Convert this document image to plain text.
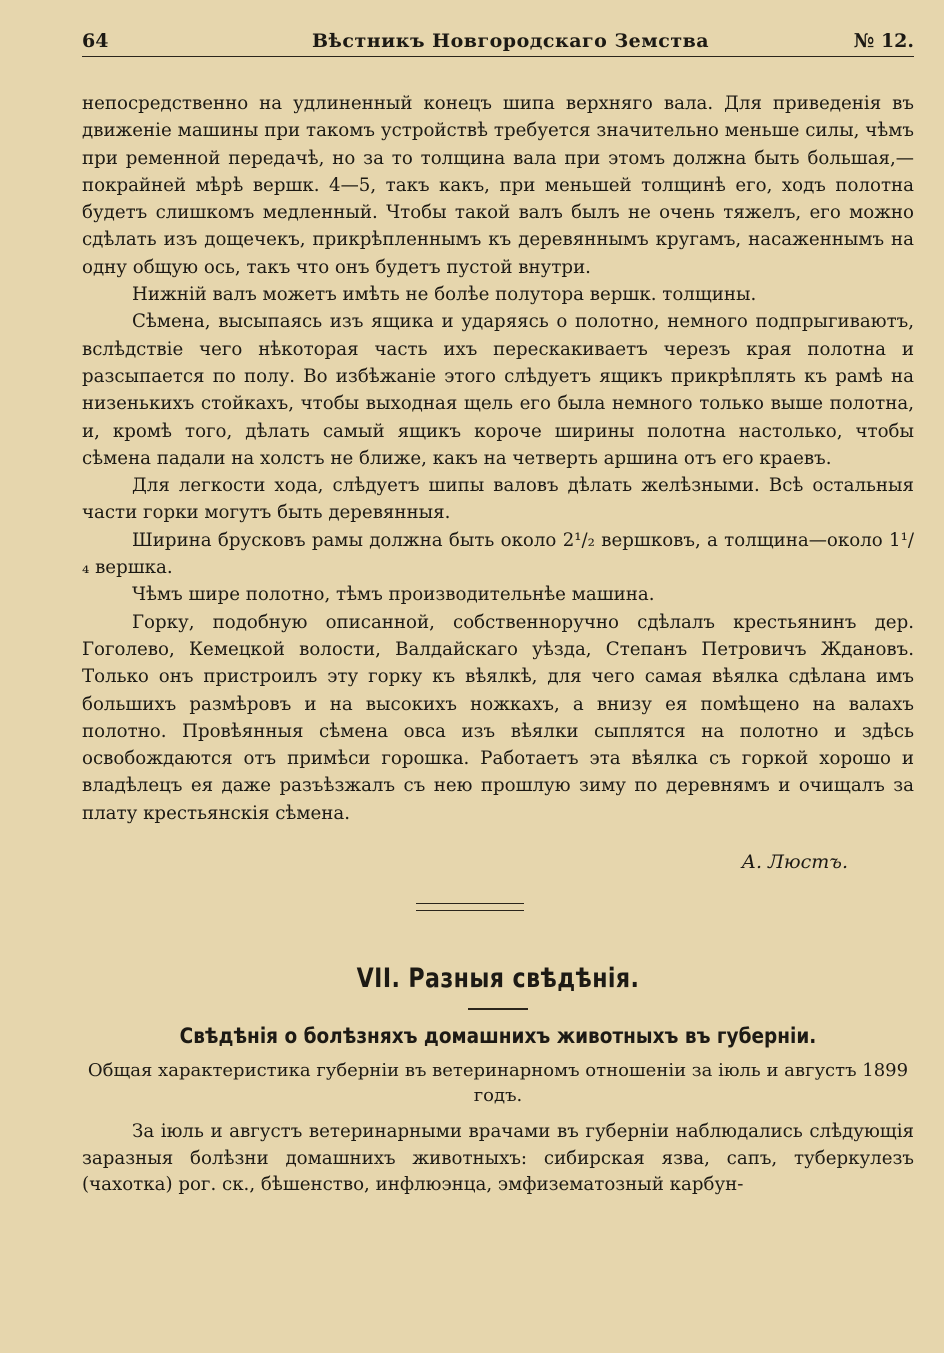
64	Вѣстникъ Новгородскаго Земства	№ 12.

непосредственно на удлиненный конецъ шипа верхняго вала. Для приведенія въ движеніе машины при такомъ устройствѣ требуется значительно меньше силы, чѣмъ при ременной передачѣ, но за то толщина вала при этомъ должна быть большая,—покрайней мѣрѣ вершк. 4—5, такъ какъ, при меньшей толщинѣ его, ходъ полотна будетъ слишкомъ медленный. Чтобы такой валъ былъ не очень тяжелъ, его можно сдѣлать изъ дощечекъ, прикрѣпленнымъ къ деревяннымъ кругамъ, насаженнымъ на одну общую ось, такъ что онъ будетъ пустой внутри.

Нижній валъ можетъ имѣть не болѣе полутора вершк. толщины.

Сѣмена, высыпаясь изъ ящика и ударяясь о полотно, немного подпрыгиваютъ, вслѣдствіе чего нѣкоторая часть ихъ перескакиваетъ черезъ края полотна и разсыпается по полу. Во избѣжаніе этого слѣдуетъ ящикъ прикрѣплять къ рамѣ на низенькихъ стойкахъ, чтобы выходная щель его была немного только выше полотна, и, кромѣ того, дѣлать самый ящикъ короче ширины полотна настолько, чтобы сѣмена падали на холстъ не ближе, какъ на четверть аршина отъ его краевъ.

Для легкости хода, слѣдуетъ шипы валовъ дѣлать желѣзными. Всѣ остальныя части горки могутъ быть деревянныя.

Ширина брусковъ рамы должна быть около 2¹/₂ вершковъ, а толщина—около 1¹/₄ вершка.

Чѣмъ шире полотно, тѣмъ производительнѣе машина.

Горку, подобную описанной, собственноручно сдѣлалъ крестьянинъ дер. Гоголево, Кемецкой волости, Валдайскаго уѣзда, Степанъ Петровичъ Ждановъ. Только онъ пристроилъ эту горку къ вѣялкѣ, для чего самая вѣялка сдѣлана имъ большихъ размѣровъ и на высокихъ ножкахъ, а внизу ея помѣщено на валахъ полотно. Провѣянныя сѣмена овса изъ вѣялки сыплятся на полотно и здѣсь освобождаются отъ примѣси горошка. Работаетъ эта вѣялка съ горкой хорошо и владѣлецъ ея даже разъѣзжалъ съ нею прошлую зиму по деревнямъ и очищалъ за плату крестьянскія сѣмена.

А. Люстъ.
VII. Разныя свѣдѣнія.
Свѣдѣнія о болѣзняхъ домашнихъ животныхъ въ губерніи.
Общая характеристика губерніи въ ветеринарномъ отношеніи за іюль и августъ 1899 годъ.

За іюль и августъ ветеринарными врачами въ губерніи наблюдались слѣдующія заразныя болѣзни домашнихъ животныхъ: сибирская язва, сапъ, туберкулезъ (чахотка) рог. ск., бѣшенство, инфлюэнца, эмфизематозный карбун-
